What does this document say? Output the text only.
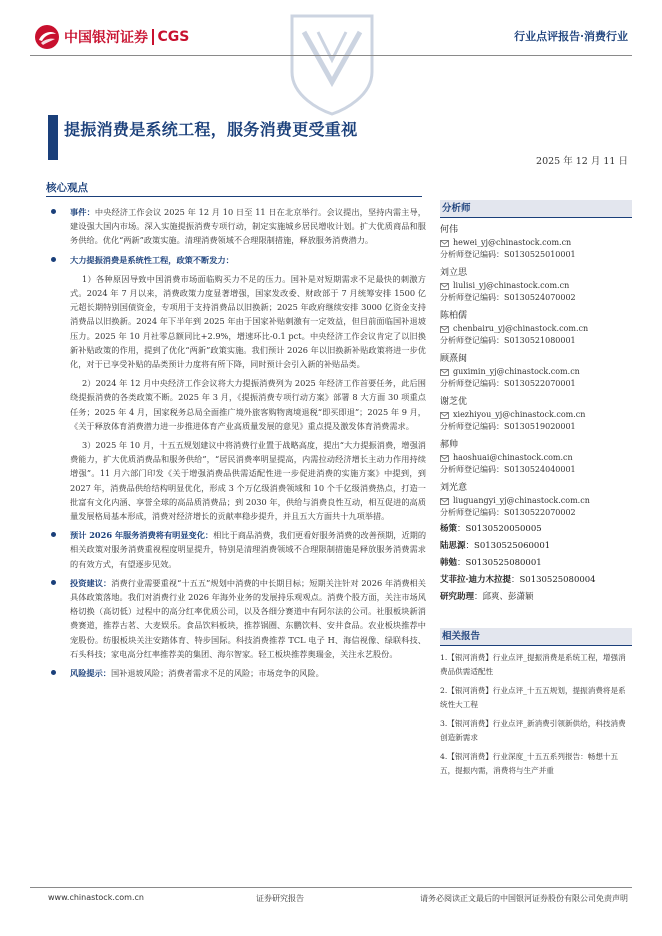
中国银河证券 CGS	行业点评报告·消费行业
提振消费是系统工程，服务消费更受重视
2025 年 12 月 11 日
核心观点
事件：中央经济工作会议 2025 年 12 月 10 日至 11 日在北京举行。会议提出，坚持内需主导，建设强大国内市场。深入实施提振消费专项行动，制定实施城乡居民增收计划。扩大优质商品和服务供给。优化“两新”政策实施。清理消费领域不合理限制措施，释放服务消费潜力。
大力提振消费是系统性工程，政策不断发力：
1）各种原因导致中国消费市场面临购买力不足的压力。国补是对短期需求不足最快的刺激方式。2024 年 7 月以来，消费政策力度显著增强，国家发改委、财政部于 7 月统筹安排 1500 亿元超长期特别国债资金，专项用于支持消费品以旧换新；2025 年政府继续安排 3000 亿资金支持消费品以旧换新。2024 年下半年到 2025 年由于国家补贴刺激有一定效益，但目前面临国补退坡压力。2025 年 10 月社零总额同比+2.9%，增速环比-0.1 pct。中央经济工作会议肯定了以旧换新补贴政策的作用，提到了优化“两新”政策实施。我们预计 2026 年以旧换新补贴政策将进一步优化，对于已享受补贴的品类预计力度将有所下降，同时预计会引入新的补贴品类。
2）2024 年 12 月中央经济工作会议将大力提振消费列为 2025 年经济工作首要任务，此后围绕提振消费的各类政策不断。2025 年 3 月，《提振消费专项行动方案》部署 8 大方面 30 项重点任务；2025 年 4 月，国家税务总局全面推广境外旅客购物离境退税“即买即退”；2025 年 9 月，《关于释放体育消费潜力进一步推进体育产业高质量发展的意见》重点提及激发体育消费需求。
3）2025 年 10 月，十五五规划建议中将消费行业置于战略高度，提出“大力提振消费，增强消费能力，扩大优质消费品和服务供给”，“居民消费率明显提高，内需拉动经济增长主动力作用持续增强”。11 月六部门印发《关于增强消费品供需适配性进一步促进消费的实施方案》中提到，到 2027 年，消费品供给结构明显优化，形成 3 个万亿级消费领域和 10 个千亿级消费热点，打造一批富有文化内涵、享誉全球的高品质消费品；到 2030 年，供给与消费良性互动，相互促进的高质量发展格局基本形成，消费对经济增长的贡献率稳步提升，并且五大方面共十九项举措。
预计 2026 年服务消费将有明显变化：相比于商品消费，我们更看好服务消费的改善预期，近期的相关政策对服务消费重视程度明显提升，特别是清理消费领域不合理限制措施是释放服务消费需求的有效方式，有望逐步见效。
投资建议：消费行业需要重视“十五五”规划中消费的中长期目标；短期关注针对 2026 年消费相关具体政策落地。我们对消费行业 2026 年海外业务的发展持乐观观点。消费个股方面，关注市场风格切换（高切低）过程中的高分红率优质公司，以及各细分赛道中有阿尔法的公司。社服板块新消费赛道，推荐古茗、大麦娱乐。食品饮料板块，推荐锅圈、东鹏饮料、安井食品。农业板块推荐中宠股份。纺服板块关注安踏体育、特步国际。科技消费推荐 TCL 电子 H、海信视像、绿联科技、石头科技；家电高分红率推荐美的集团、海尔智家。轻工板块推荐奥瑞金，关注永艺股份。
风险提示：国补退坡风险；消费者需求不足的风险；市场竞争的风险。
分析师
何伟
hewei_yj@chinastock.com.cn
分析师登记编码：S0130525010001
刘立思
liulisi_yj@chinastock.com.cn
分析师登记编码：S0130524070002
陈柏儒
chenbairu_yj@chinastock.com.cn
分析师登记编码：S0130521080001
顾熹闽
guximin_yj@chinastock.com.cn
分析师登记编码：S0130522070001
谢芝优
xiezhiyou_yj@chinastock.com.cn
分析师登记编码：S0130519020001
郝帅
haoshuai@chinastock.com.cn
分析师登记编码：S0130524040001
刘光意
liuguangyi_yj@chinastock.com.cn
分析师登记编码：S0130522070002
杨策：S0130520050005
陆思源：S0130525060001
韩勉：S0130525080001
艾菲拉·迪力木拉提：S0130525080004
研究助理：邱爽、彭潇颖
相关报告
1.【银河消费】行业点评_提振消费是系统工程，增强消费品供需适配性
2.【银河消费】行业点评_十五五规划，提振消费将是系统性大工程
3.【银河消费】行业点评_新消费引领新供给，科技消费创造新需求
4.【银河消费】行业深度_十五五系列报告：畅想十五五，提振内需，消费将与生产并重
www.chinastock.com.cn	证券研究报告	请务必阅读正文最后的中国银河证券股份有限公司免责声明
